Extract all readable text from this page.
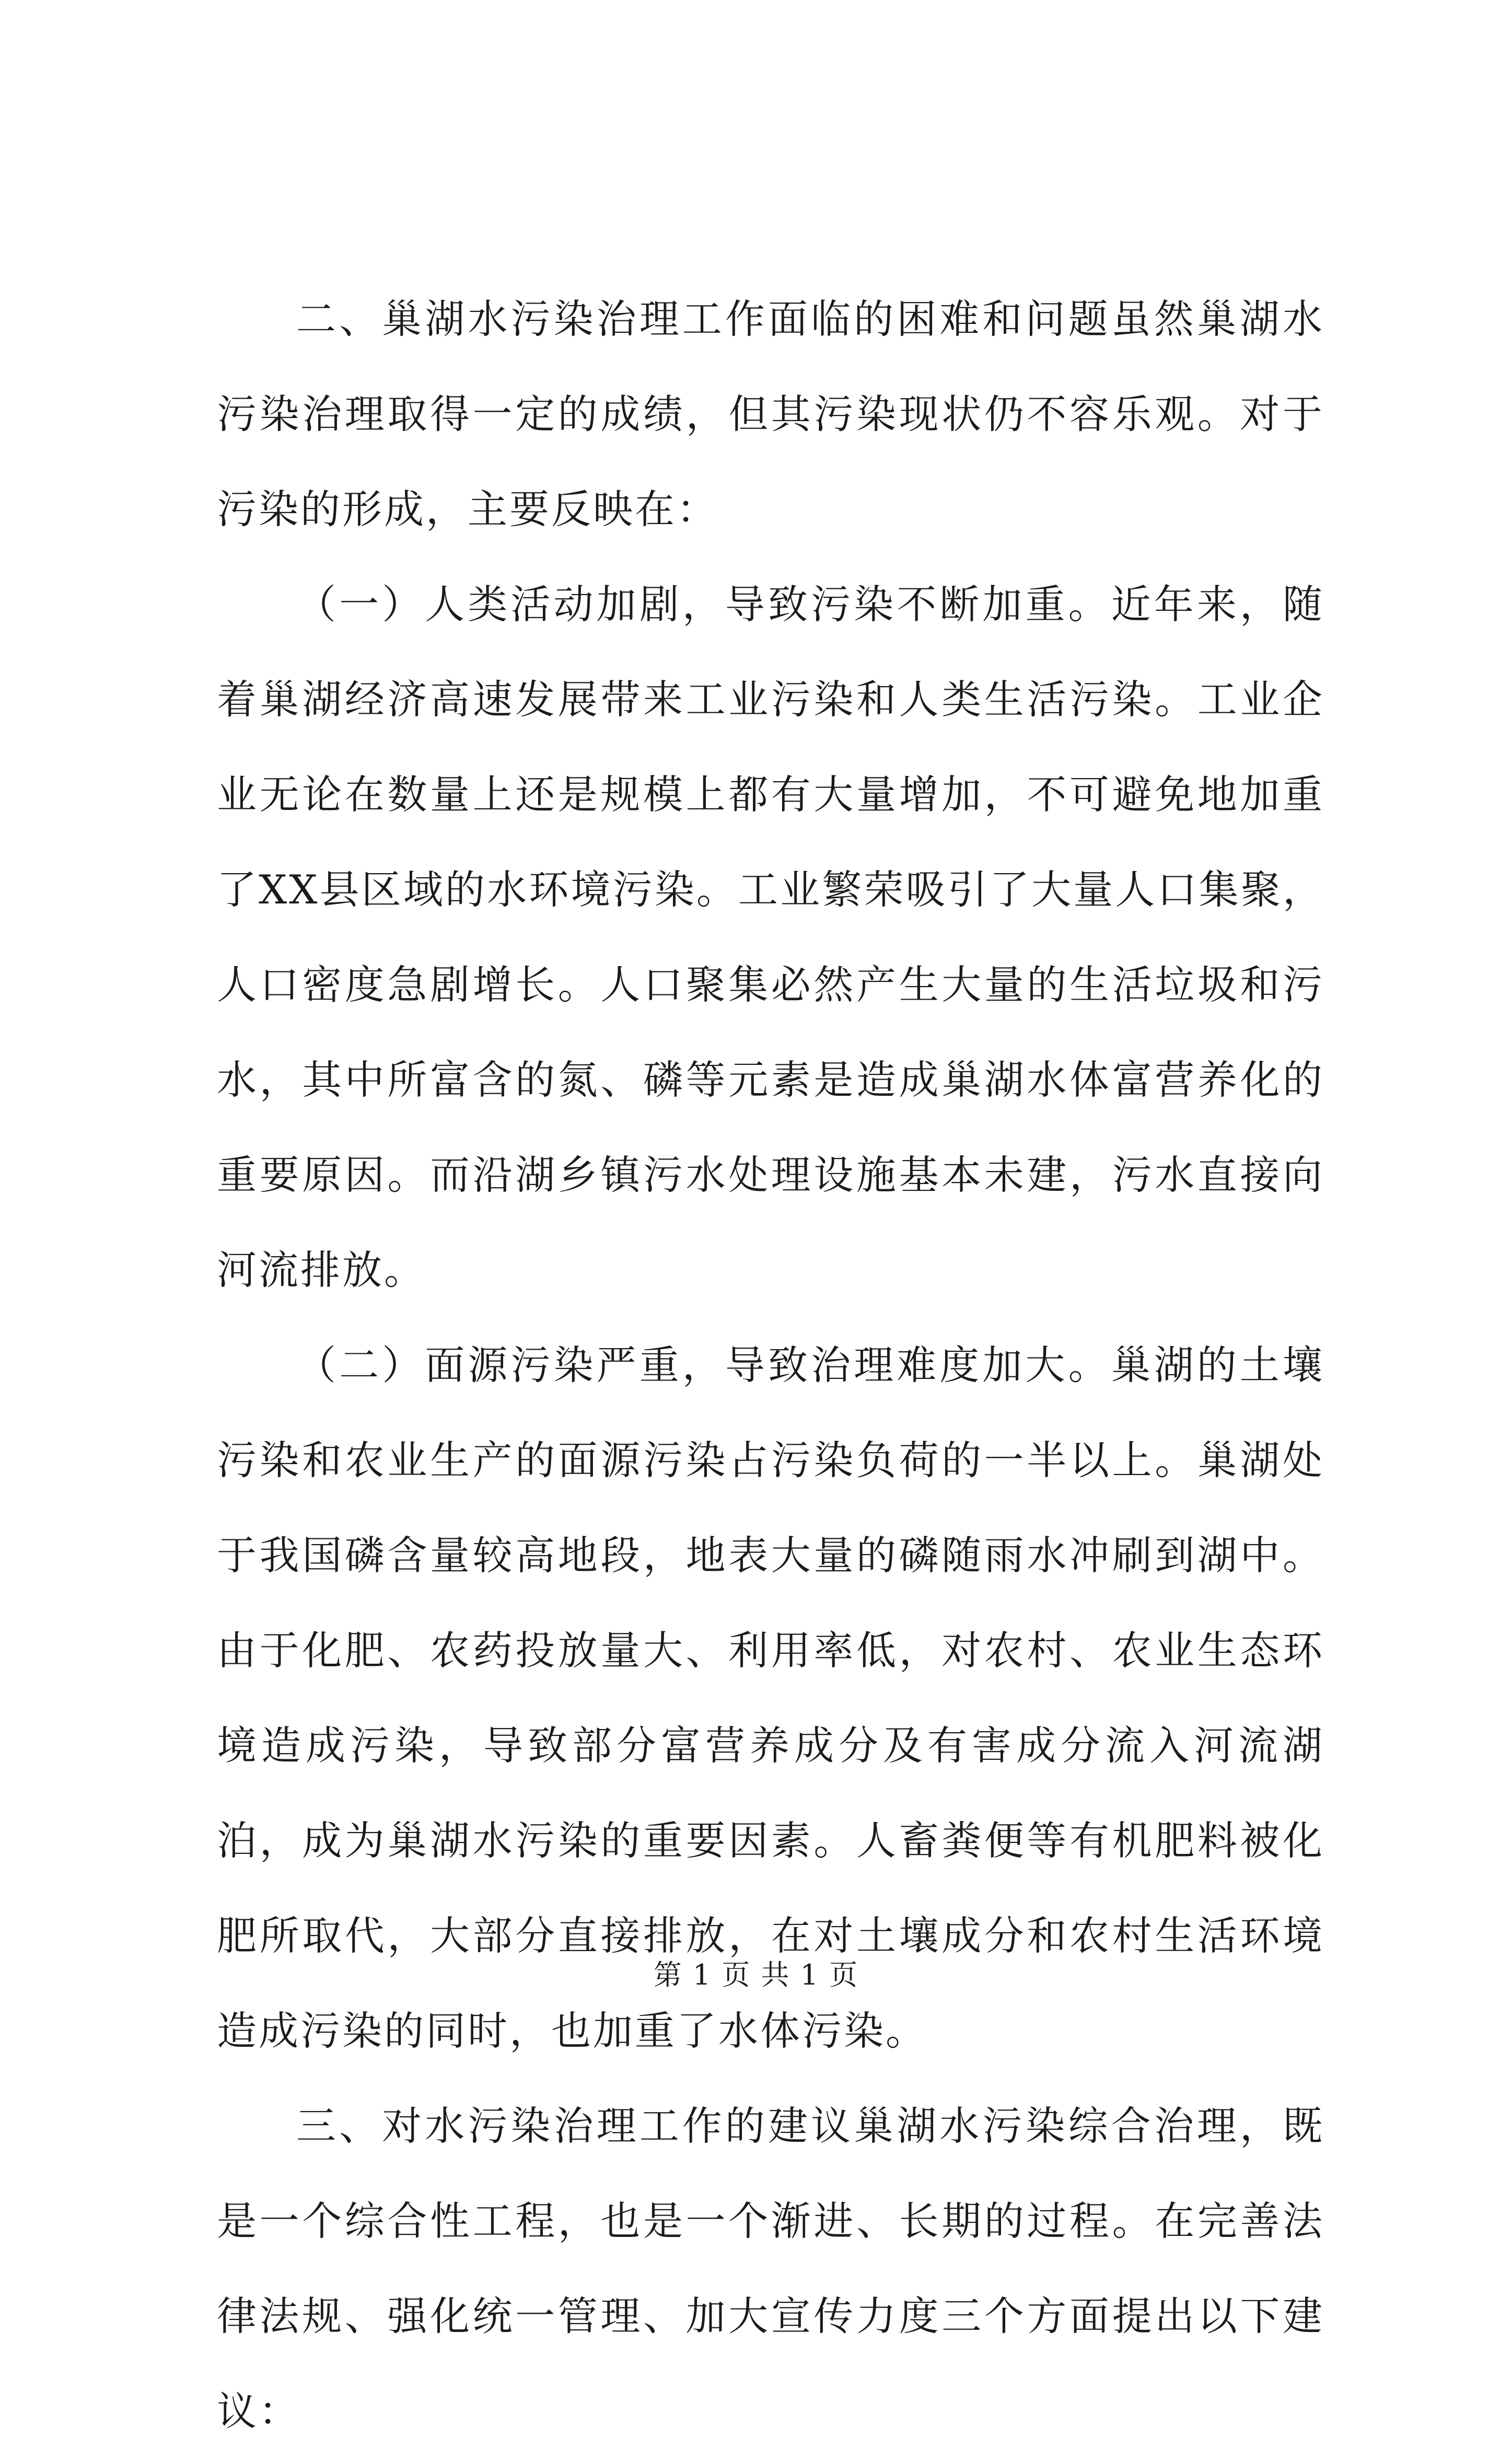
二、巢湖水污染治理工作面临的困难和问题虽然巢湖水污染治理取得一定的成绩，但其污染现状仍不容乐观。对于污染的形成，主要反映在：

（一）人类活动加剧，导致污染不断加重。近年来，随着巢湖经济高速发展带来工业污染和人类生活污染。工业企业无论在数量上还是规模上都有大量增加，不可避免地加重了XX县区域的水环境污染。工业繁荣吸引了大量人口集聚，人口密度急剧增长。人口聚集必然产生大量的生活垃圾和污水，其中所富含的氮、磷等元素是造成巢湖水体富营养化的重要原因。而沿湖乡镇污水处理设施基本未建，污水直接向河流排放。

（二）面源污染严重，导致治理难度加大。巢湖的土壤污染和农业生产的面源污染占污染负荷的一半以上。巢湖处于我国磷含量较高地段，地表大量的磷随雨水冲刷到湖中。由于化肥、农药投放量大、利用率低，对农村、农业生态环境造成污染，导致部分富营养成分及有害成分流入河流湖泊，成为巢湖水污染的重要因素。人畜粪便等有机肥料被化肥所取代，大部分直接排放，在对土壤成分和农村生活环境造成污染的同时，也加重了水体污染。

三、对水污染治理工作的建议巢湖水污染综合治理，既是一个综合性工程，也是一个渐进、长期的过程。在完善法律法规、强化统一管理、加大宣传力度三个方面提出以下建议：

第 1 页 共 1 页
